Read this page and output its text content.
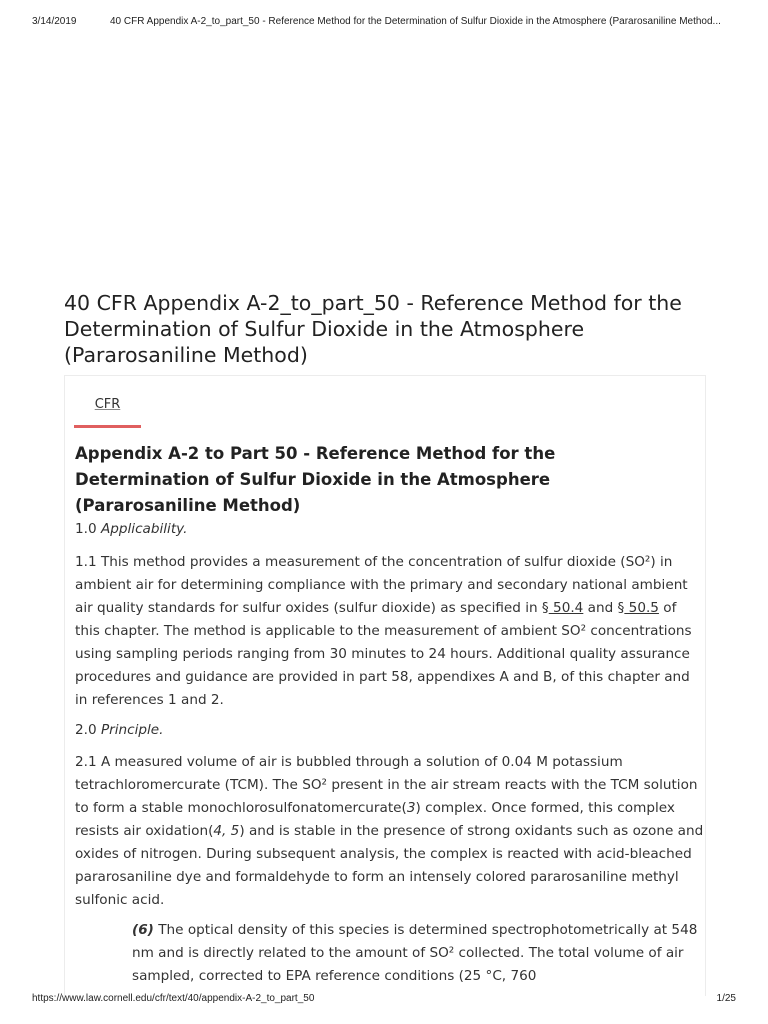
3/14/2019	40 CFR Appendix A-2_to_part_50 - Reference Method for the Determination of Sulfur Dioxide in the Atmosphere (Pararosaniline Method...
40 CFR Appendix A-2_to_part_50 - Reference Method for the Determination of Sulfur Dioxide in the Atmosphere (Pararosaniline Method)
CFR
Appendix A-2 to Part 50 - Reference Method for the Determination of Sulfur Dioxide in the Atmosphere (Pararosaniline Method)

1.0 Applicability.

1.1 This method provides a measurement of the concentration of sulfur dioxide (SO²) in ambient air for determining compliance with the primary and secondary national ambient air quality standards for sulfur oxides (sulfur dioxide) as specified in § 50.4 and § 50.5 of this chapter. The method is applicable to the measurement of ambient SO² concentrations using sampling periods ranging from 30 minutes to 24 hours. Additional quality assurance procedures and guidance are provided in part 58, appendixes A and B, of this chapter and in references 1 and 2.

2.0 Principle.

2.1 A measured volume of air is bubbled through a solution of 0.04 M potassium tetrachloromercurate (TCM). The SO² present in the air stream reacts with the TCM solution to form a stable monochlorosulfonatomercurate(3) complex. Once formed, this complex resists air oxidation(4, 5) and is stable in the presence of strong oxidants such as ozone and oxides of nitrogen. During subsequent analysis, the complex is reacted with acid-bleached pararosaniline dye and formaldehyde to form an intensely colored pararosaniline methyl sulfonic acid.

(6) The optical density of this species is determined spectrophotometrically at 548 nm and is directly related to the amount of SO² collected. The total volume of air sampled, corrected to EPA reference conditions (25 °C, 760

https://www.law.cornell.edu/cfr/text/40/appendix-A-2_to_part_50	1/25
